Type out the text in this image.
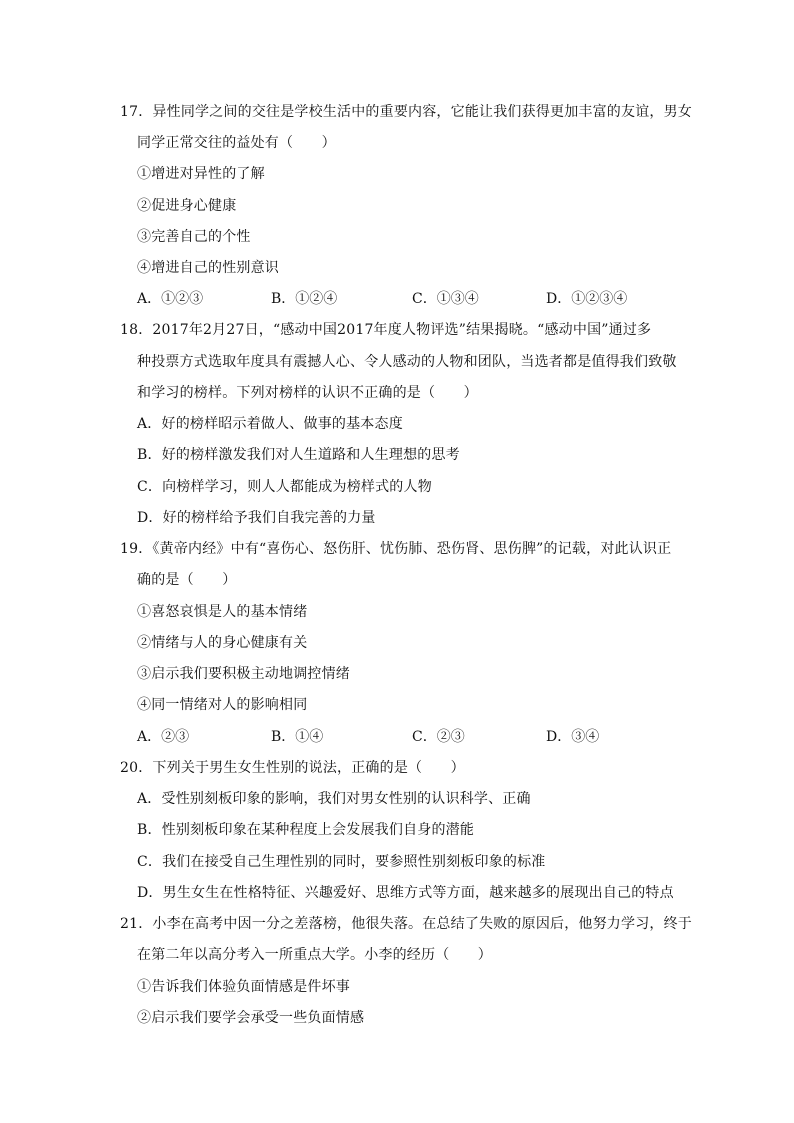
17．异性同学之间的交往是学校生活中的重要内容，它能让我们获得更加丰富的友谊，男女
同学正常交往的益处有（　　）
①增进对异性的了解
②促进身心健康
③完善自己的个性
④增进自己的性别意识
A．①②③	B．①②④	C．①③④	D．①②③④
18．2017年2月27日，“感动中国2017年度人物评选”结果揭晓。“感动中国”通过多
种投票方式选取年度具有震撼人心、令人感动的人物和团队，当选者都是值得我们致敬
和学习的榜样。下列对榜样的认识不正确的是（　　）
A．好的榜样昭示着做人、做事的基本态度
B．好的榜样激发我们对人生道路和人生理想的思考
C．向榜样学习，则人人都能成为榜样式的人物
D．好的榜样给予我们自我完善的力量
19．《黄帝内经》中有“喜伤心、怒伤肝、忧伤肺、恐伤肾、思伤脾”的记载，对此认识正
确的是（　　）
①喜怒哀惧是人的基本情绪
②情绪与人的身心健康有关
③启示我们要积极主动地调控情绪
④同一情绪对人的影响相同
A．②③	B．①④	C．②③	D．③④
20．下列关于男生女生性别的说法，正确的是（　　）
A．受性别刻板印象的影响，我们对男女性别的认识科学、正确
B．性别刻板印象在某种程度上会发展我们自身的潜能
C．我们在接受自己生理性别的同时，要参照性别刻板印象的标准
D．男生女生在性格特征、兴趣爱好、思维方式等方面，越来越多的展现出自己的特点
21．小李在高考中因一分之差落榜，他很失落。在总结了失败的原因后，他努力学习，终于
在第二年以高分考入一所重点大学。小李的经历（　　）
①告诉我们体验负面情感是件坏事
②启示我们要学会承受一些负面情感
